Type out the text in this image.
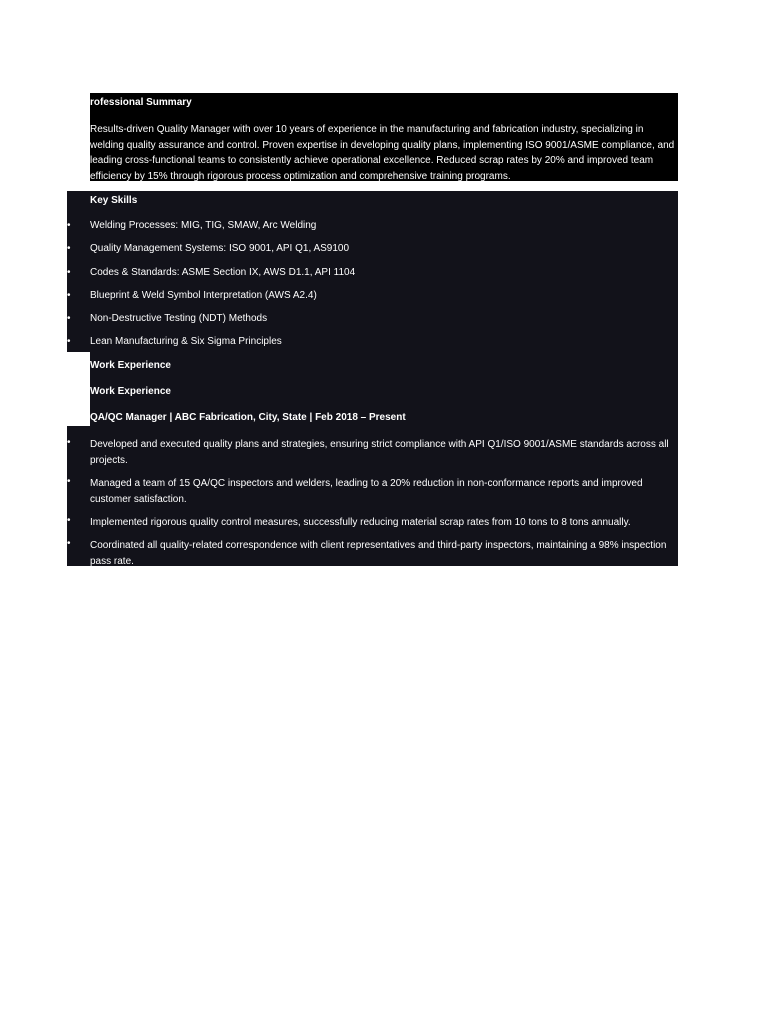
rofessional Summary
Results-driven Quality Manager with over 10 years of experience in the manufacturing and fabrication industry, specializing in welding quality assurance and control. Proven expertise in developing quality plans, implementing ISO 9001/ASME compliance, and leading cross-functional teams to consistently achieve operational excellence. Reduced scrap rates by 20% and improved team efficiency by 15% through rigorous process optimization and comprehensive training programs.
Key Skills
• Welding Processes: MIG, TIG, SMAW, Arc Welding
• Quality Management Systems: ISO 9001, API Q1, AS9100
• Codes & Standards: ASME Section IX, AWS D1.1, API 1104
• Blueprint & Weld Symbol Interpretation (AWS A2.4)
• Non-Destructive Testing (NDT) Methods
• Lean Manufacturing & Six Sigma Principles
Work Experience
Work Experience
QA/QC Manager | ABC Fabrication, City, State | Feb 2018 – Present
• Developed and executed quality plans and strategies, ensuring strict compliance with API Q1/ISO 9001/ASME standards across all projects.
• Managed a team of 15 QA/QC inspectors and welders, leading to a 20% reduction in non-conformance reports and improved customer satisfaction.
• Implemented rigorous quality control measures, successfully reducing material scrap rates from 10 tons to 8 tons annually.
• Coordinated all quality-related correspondence with client representatives and third-party inspectors, maintaining a 98% inspection pass rate.
